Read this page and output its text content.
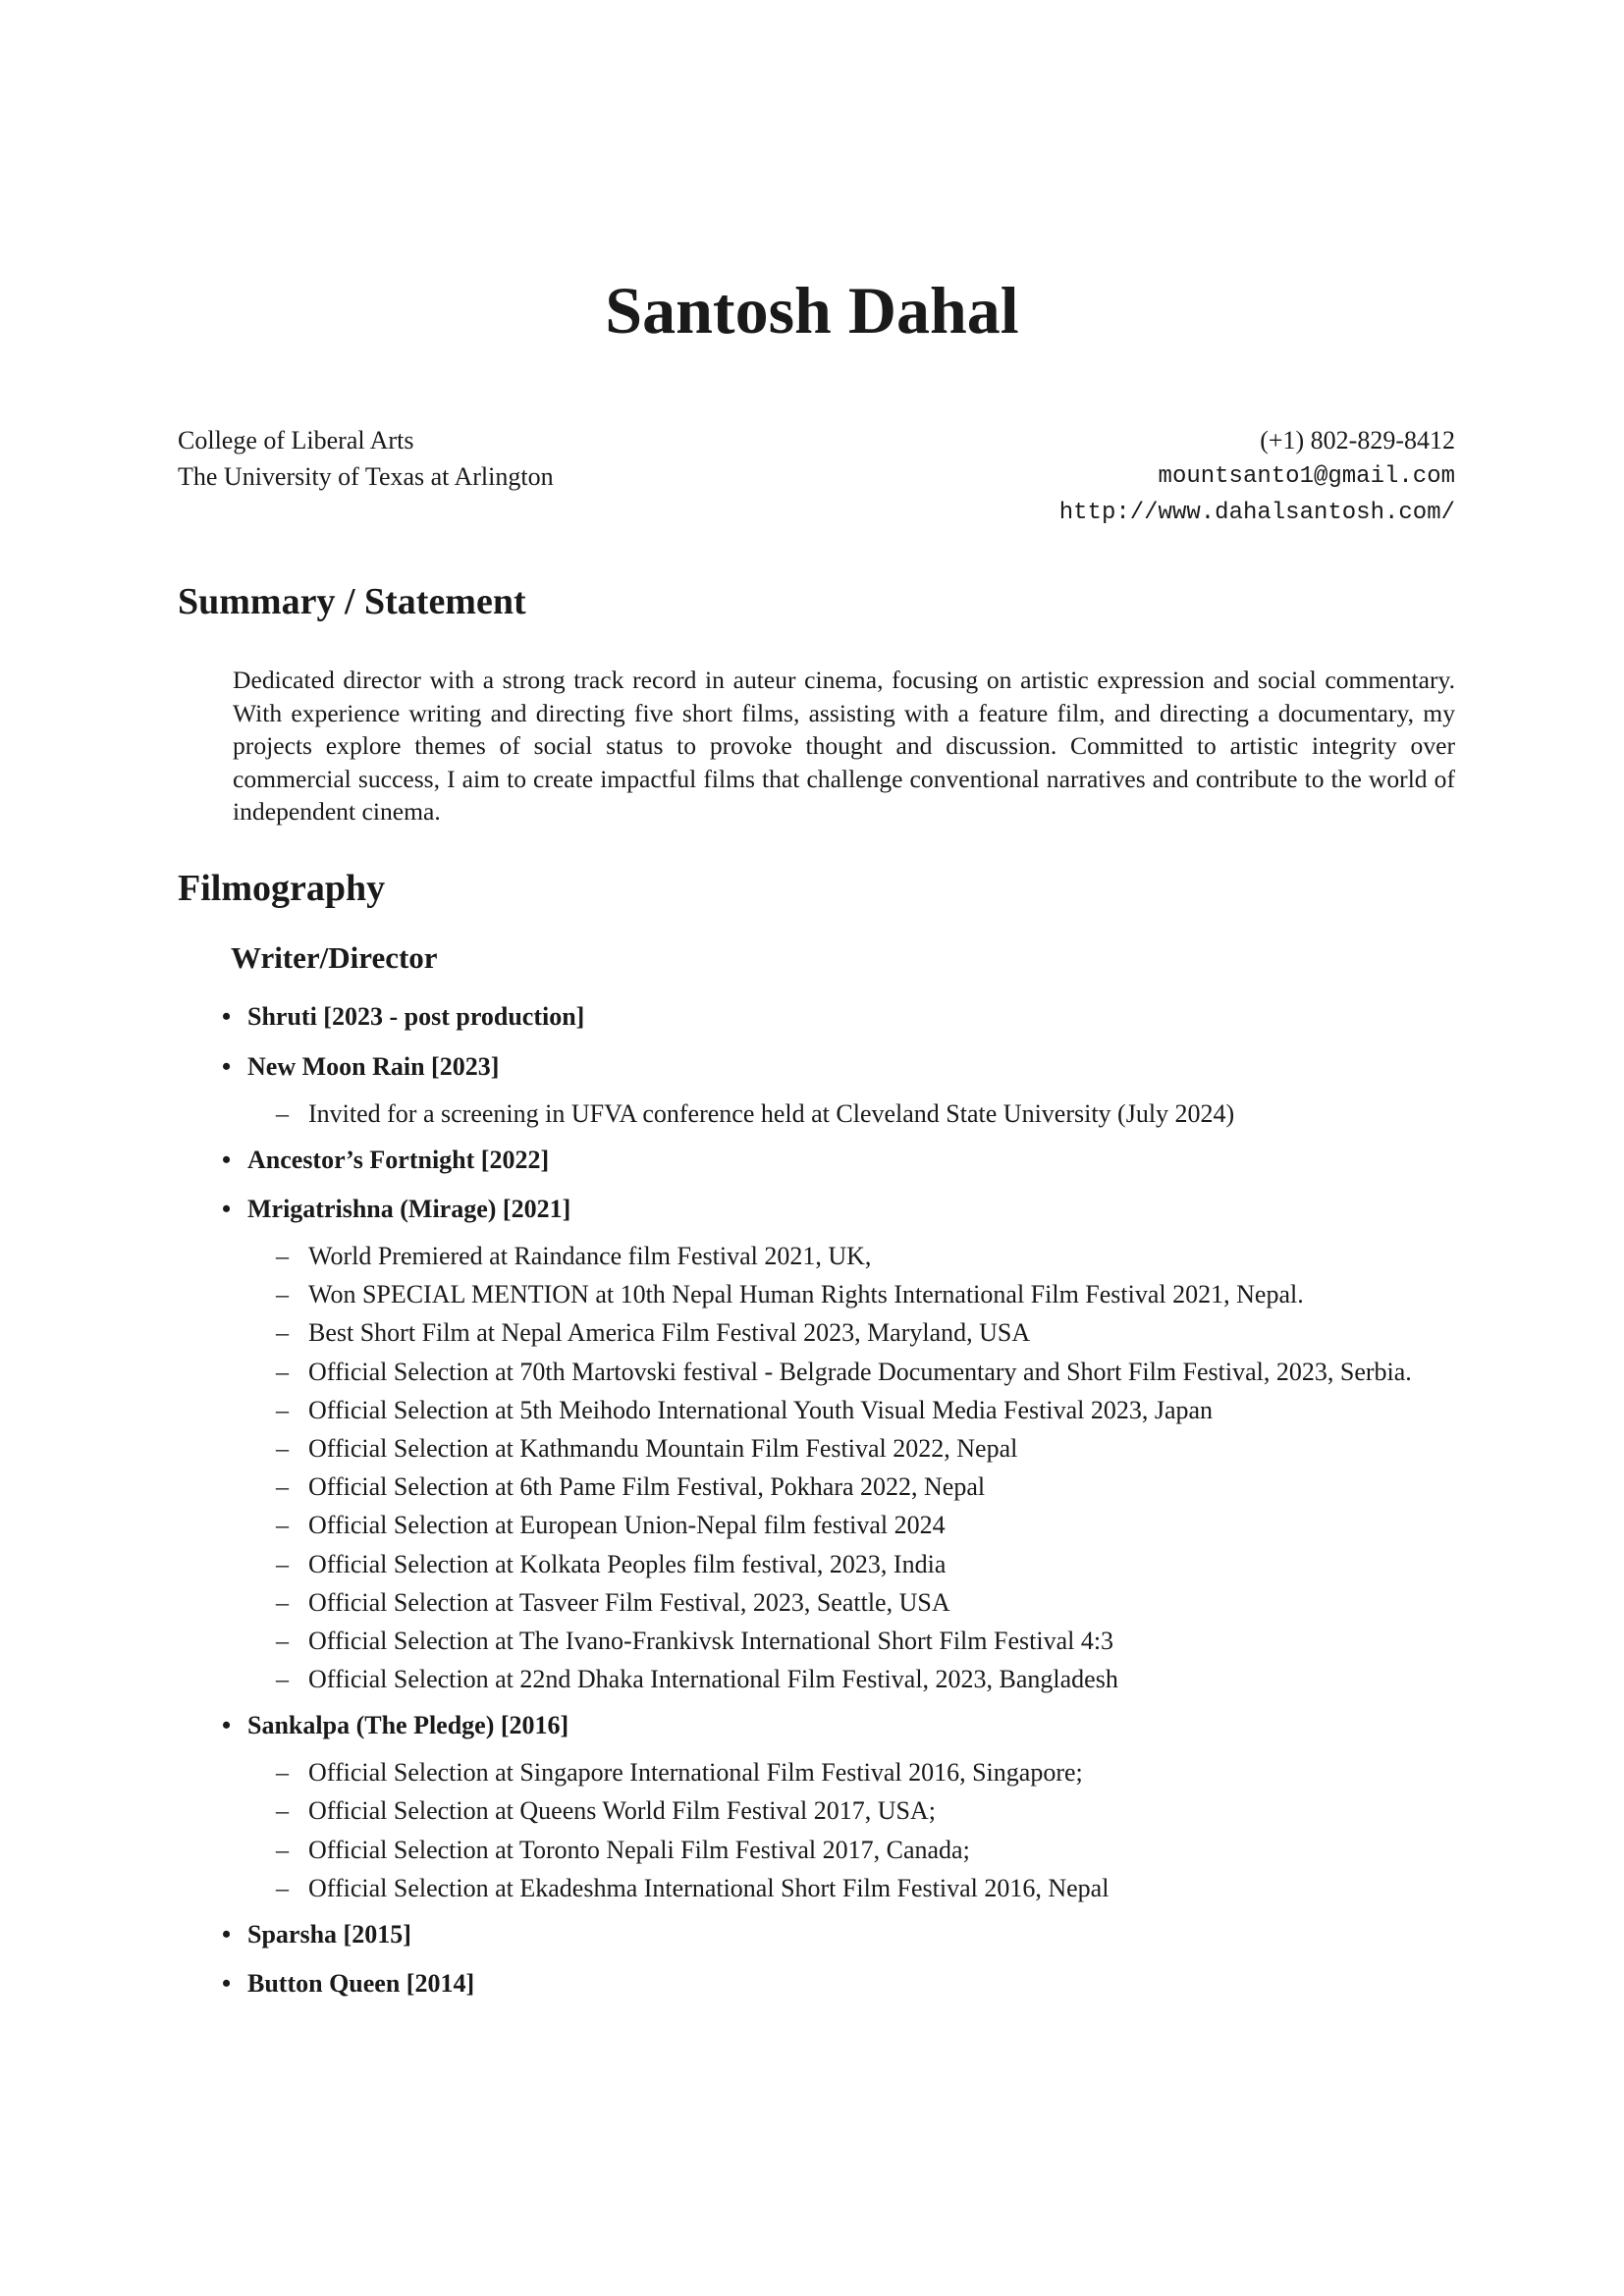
Santosh Dahal
College of Liberal Arts
The University of Texas at Arlington
(+1) 802-829-8412
mountsanto1@gmail.com
http://www.dahalsantosh.com/
Summary / Statement

Dedicated director with a strong track record in auteur cinema, focusing on artistic expression and social commentary. With experience writing and directing five short films, assisting with a feature film, and directing a documentary, my projects explore themes of social status to provoke thought and discussion. Committed to artistic integrity over commercial success, I aim to create impactful films that challenge conventional narratives and contribute to the world of independent cinema.

Filmography
Writer/Director
• Shruti [2023 - post production]
• New Moon Rain [2023]
– Invited for a screening in UFVA conference held at Cleveland State University (July 2024)
• Ancestor’s Fortnight [2022]
• Mrigatrishna (Mirage) [2021]
– World Premiered at Raindance film Festival 2021, UK,
– Won SPECIAL MENTION at 10th Nepal Human Rights International Film Festival 2021, Nepal.
– Best Short Film at Nepal America Film Festival 2023, Maryland, USA
– Official Selection at 70th Martovski festival - Belgrade Documentary and Short Film Festival, 2023, Serbia.
– Official Selection at 5th Meihodo International Youth Visual Media Festival 2023, Japan
– Official Selection at Kathmandu Mountain Film Festival 2022, Nepal
– Official Selection at 6th Pame Film Festival, Pokhara 2022, Nepal
– Official Selection at European Union-Nepal film festival 2024
– Official Selection at Kolkata Peoples film festival, 2023, India
– Official Selection at Tasveer Film Festival, 2023, Seattle, USA
– Official Selection at The Ivano-Frankivsk International Short Film Festival 4:3
– Official Selection at 22nd Dhaka International Film Festival, 2023, Bangladesh
• Sankalpa (The Pledge) [2016]
– Official Selection at Singapore International Film Festival 2016, Singapore;
– Official Selection at Queens World Film Festival 2017, USA;
– Official Selection at Toronto Nepali Film Festival 2017, Canada;
– Official Selection at Ekadeshma International Short Film Festival 2016, Nepal
• Sparsha [2015]
• Button Queen [2014]
